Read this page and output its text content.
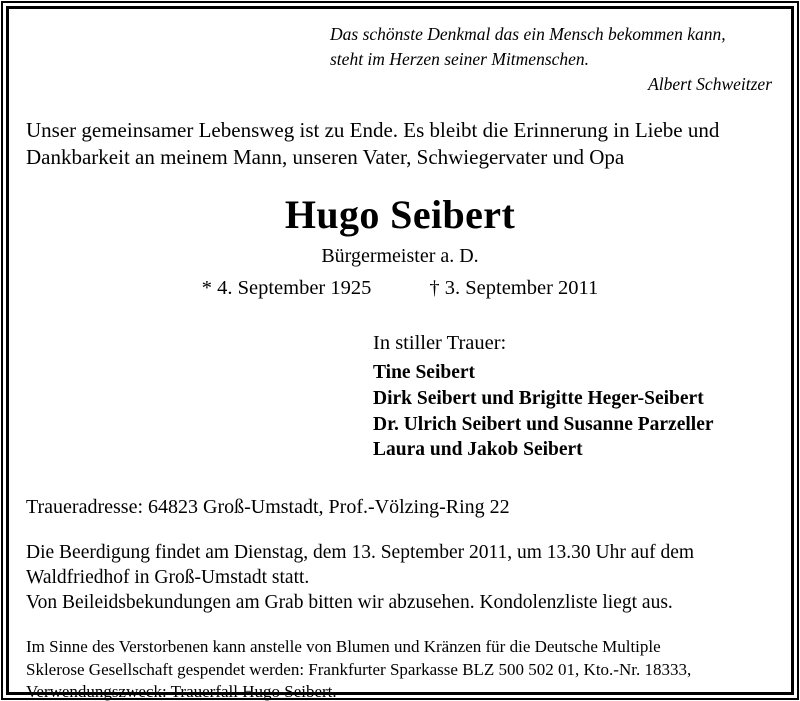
Das schönste Denkmal das ein Mensch bekommen kann,
steht im Herzen seiner Mitmenschen.
Albert Schweitzer
Unser gemeinsamer Lebensweg ist zu Ende. Es bleibt die Erinnerung in Liebe und
Dankbarkeit an meinem Mann, unseren Vater, Schwiegervater und Opa
Hugo Seibert
Bürgermeister a. D.
* 4. September 1925	† 3. September 2011
In stiller Trauer:
Tine Seibert
Dirk Seibert und Brigitte Heger-Seibert
Dr. Ulrich Seibert und Susanne Parzeller
Laura und Jakob Seibert
Traueradresse: 64823 Groß-Umstadt, Prof.-Völzing-Ring 22
Die Beerdigung findet am Dienstag, dem 13. September 2011, um 13.30 Uhr auf dem
Waldfriedhof in Groß-Umstadt statt.
Von Beileidsbekundungen am Grab bitten wir abzusehen. Kondolenzliste liegt aus.
Im Sinne des Verstorbenen kann anstelle von Blumen und Kränzen für die Deutsche Multiple
Sklerose Gesellschaft gespendet werden: Frankfurter Sparkasse BLZ 500 502 01, Kto.-Nr. 18333,
Verwendungszweck: Trauerfall Hugo Seibert.
